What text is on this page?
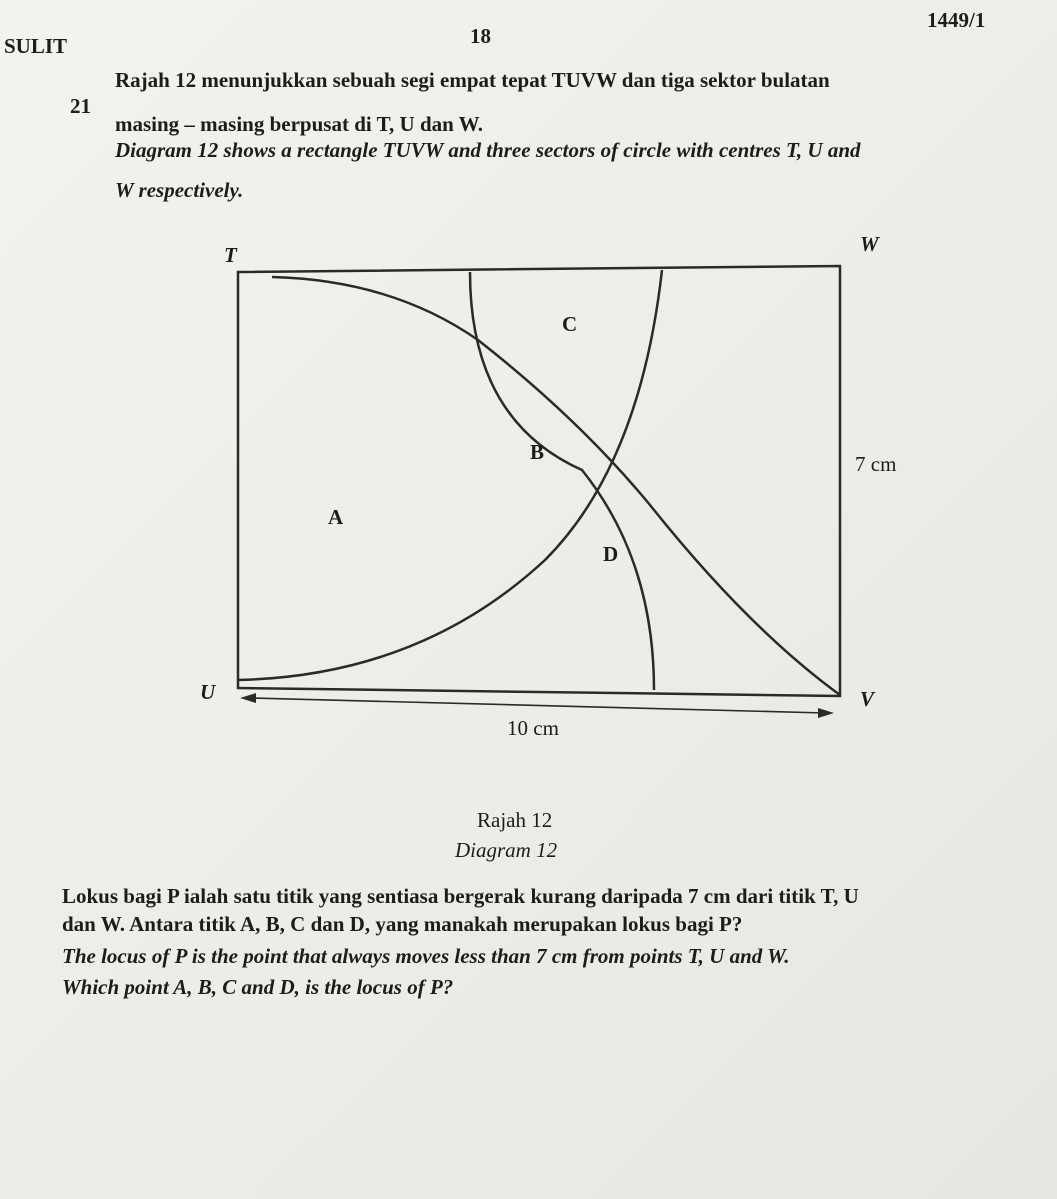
SULIT	18
1449/1
21
Rajah 12 menunjukkan sebuah segi empat tepat TUVW dan tiga sektor bulatan
masing – masing berpusat di T, U dan W.
Diagram 12 shows a rectangle TUVW and three sectors of circle with centres T, U and
W respectively.
T	W
U	V
C
B
A
D
7 cm
10 cm
Rajah 12
Diagram 12
Lokus bagi P ialah satu titik yang sentiasa bergerak kurang daripada 7 cm dari titik T, U
dan W. Antara titik A, B, C dan D, yang manakah merupakan lokus bagi P?
The locus of P is the point that always moves less than 7 cm from points T, U and W.
Which point A, B, C and D, is the locus of P?
